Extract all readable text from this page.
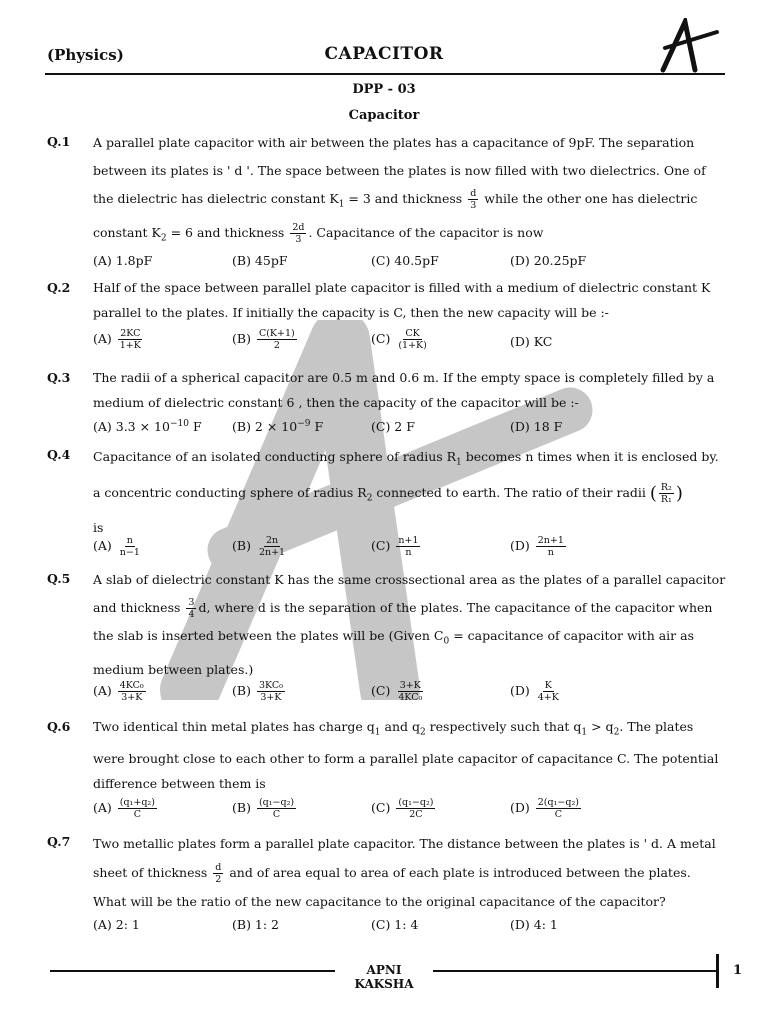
(Physics)	CAPACITOR
DPP - 03
Capacitor
Q.1 A parallel plate capacitor with air between the plates has a capacitance of 9pF. The separation between its plates is ' d '. The space between the plates is now filled with two dielectrics. One of the dielectric has dielectric constant $K_1 = 3$ and thickness $\frac{d}{3}$ while the other one has dielectric constant $K_2 = 6$ and thickness $\frac{2d}{3}$ . Capacitance of the capacitor is now
(A) 1.8pF	(B) 45pF	(C) 40.5pF	(D) 20.25pF
Q.2 Half of the space between parallel plate capacitor is filled with a medium of dielectric constant K parallel to the plates. If initially the capacity is C, then the new capacity will be :-
$(A) \frac{2KC}{1+K}$	$(B) \frac{C(K+1)}{2}$	$(C) \frac{CK}{(1+K)}$	(D) KC
Q.3 The radii of a spherical capacitor are 0.5 m and 0.6 m. If the empty space is completely filled by a medium of dielectric constant 6 , then the capacity of the capacitor will be :-
(A) $3.3 \times 10^{-10}$ F (B) $2 \times 10^{-9}$ F	(C) 2 F	(D) 18 F
Q.4 Capacitance of an isolated conducting sphere of radius $R_1$ becomes n times when it is enclosed by. a concentric conducting sphere of radius $R_2$ connected to earth. The ratio of their radii ( $\frac{\text{R₂}}{\text{R₁}}$ )
is
$(A) \frac{n}{n-1}$	$(B) \frac{2n}{2n+1}$	$(C) \frac{n+1}{n}$	$(D) \frac{2n+1}{n}$
Q.5 A slab of dielectric constant K has the same crosssectional area as the plates of a parallel capacitor and thickness $\frac{3}{4} d$, where d is the separation of the plates. The capacitance of the capacitor when the slab is inserted between the plates will be (Given $C_0$ = capacitance of capacitor with air as medium between plates.)
$(A) \frac{\text{4KC₀}}{3+K}$	$(B) \frac{\text{3KC₀}}{3+K}$	$(C) \frac{3+K}{\text{4KC₀}}$	$(D) \frac{K}{4+K}$
Q.6 Two identical thin metal plates has charge $q_1$ and $q_2$ respectively such that $q_1 > q_2$. The plates were brought close to each other to form a parallel plate capacitor of capacitance C. The potential difference between them is
$(A) \frac{\text{(q₁+q₂)}}{C}$	$(B) \frac{\text{(q₁−q₂)}}{C}$	$(C) \frac{\text{(q₁−q₂)}}{2C}$	$(D) \frac{\text{2(q₁−q₂)}}{C}$
Q.7 Two metallic plates form a parallel plate capacitor. The distance between the plates is ' d. A metal sheet of thickness $\frac{d}{2}$ and of area equal to area of each plate is introduced between the plates. What will be the ratio of the new capacitance to the original capacitance of the capacitor?
(A) 2: 1	(B) 1: 2	(C) 1: 4	(D) 4: 1
APNI KAKSHA
1
